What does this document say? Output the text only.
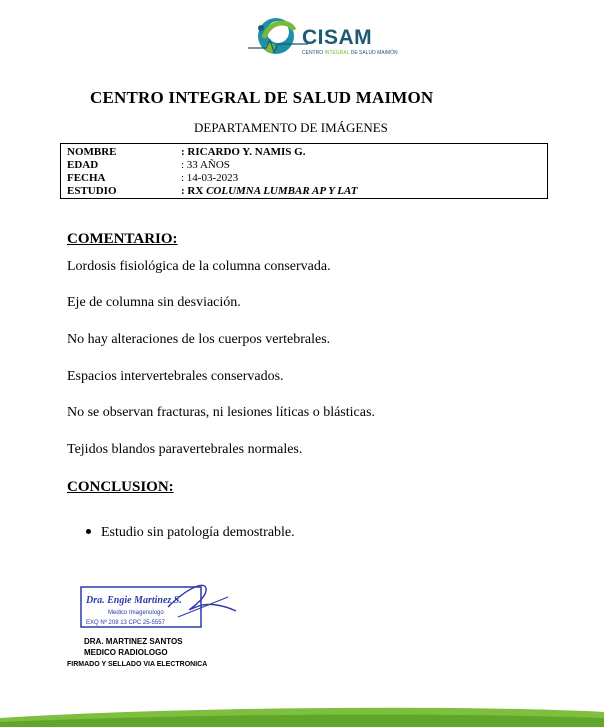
CISAM
CENTRO INTEGRAL DE SALUD MAIMÓN
CENTRO INTEGRAL DE SALUD MAIMON
DEPARTAMENTO DE IMÁGENES
NOMBRE	: RICARDO Y. NAMIS G.
EDAD	: 33 AÑOS
FECHA	: 14-03-2023
ESTUDIO	: RX COLUMNA LUMBAR AP Y LAT
COMENTARIO:
Lordosis fisiológica de la columna conservada.
Eje de columna sin desviación.
No hay alteraciones de los cuerpos vertebrales.
Espacios intervertebrales conservados.
No se observan fracturas, ni lesiones líticas o blásticas.
Tejidos blandos paravertebrales normales.
CONCLUSION:
Estudio sin patología demostrable.
Dra. Engie Martinez S.
Medico Imagenologo
EXQ Nº 208 13 CPC 25-5557
DRA. MARTINEZ SANTOS
MEDICO RADIOLOGO
FIRMADO Y SELLADO VIA ELECTRONICA
